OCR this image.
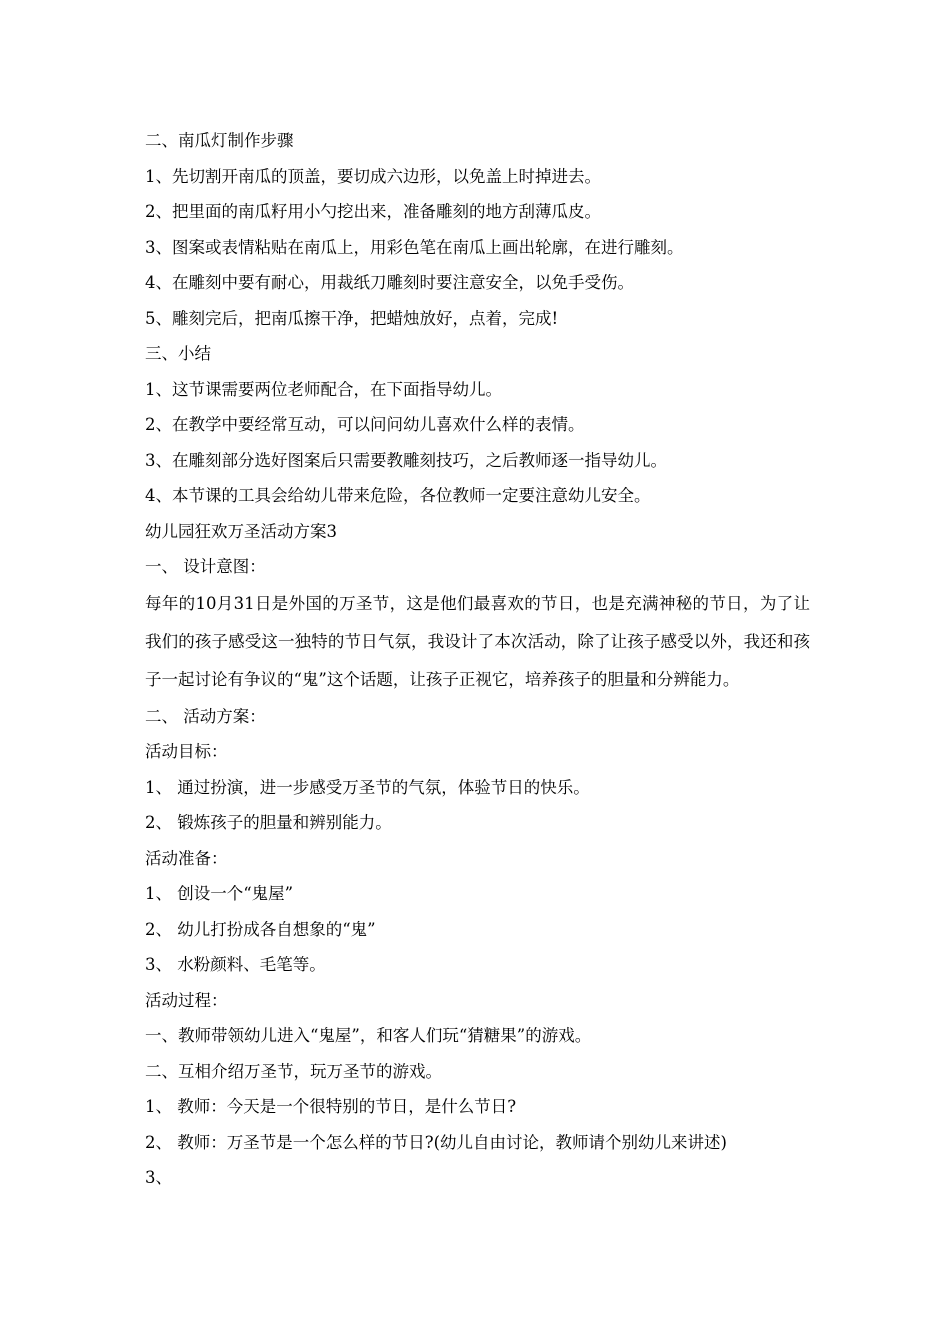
二、南瓜灯制作步骤
1、先切割开南瓜的顶盖，要切成六边形，以免盖上时掉进去。
2、把里面的南瓜籽用小勺挖出来，准备雕刻的地方刮薄瓜皮。
3、图案或表情粘贴在南瓜上，用彩色笔在南瓜上画出轮廓，在进行雕刻。
4、在雕刻中要有耐心，用裁纸刀雕刻时要注意安全，以免手受伤。
5、雕刻完后，把南瓜擦干净，把蜡烛放好，点着，完成!
三、小结
1、这节课需要两位老师配合，在下面指导幼儿。
2、在教学中要经常互动，可以问问幼儿喜欢什么样的表情。
3、在雕刻部分选好图案后只需要教雕刻技巧，之后教师逐一指导幼儿。
4、本节课的工具会给幼儿带来危险，各位教师一定要注意幼儿安全。
幼儿园狂欢万圣活动方案3
一、 设计意图：

每年的10月31日是外国的万圣节，这是他们最喜欢的节日，也是充满神秘的节日，为了让我们的孩子感受这一独特的节日气氛，我设计了本次活动，除了让孩子感受以外，我还和孩子一起讨论有争议的“鬼”这个话题，让孩子正视它，培养孩子的胆量和分辨能力。

二、 活动方案：
活动目标：
1、 通过扮演，进一步感受万圣节的气氛，体验节日的快乐。
2、 锻炼孩子的胆量和辨别能力。
活动准备：
1、 创设一个“鬼屋”
2、 幼儿打扮成各自想象的“鬼”
3、 水粉颜料、毛笔等。
活动过程：
一、教师带领幼儿进入“鬼屋”，和客人们玩“猜糖果”的游戏。
二、互相介绍万圣节，玩万圣节的游戏。
1、 教师：今天是一个很特别的节日，是什么节日?
2、 教师：万圣节是一个怎么样的节日?(幼儿自由讨论，教师请个别幼儿来讲述)
3、
